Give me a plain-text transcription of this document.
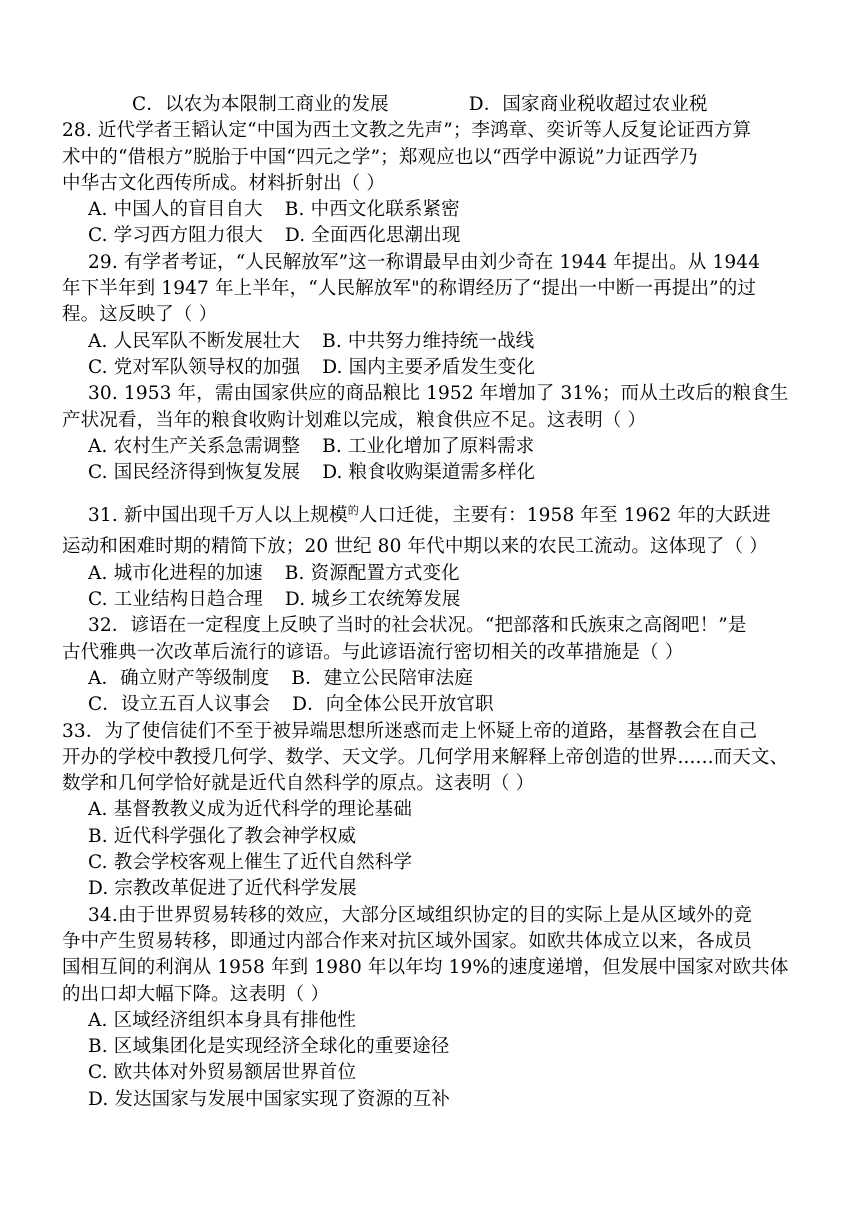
C．以农为本限制工商业的发展	D．国家商业税收超过农业税
28. 近代学者王韬认定“中国为西土文教之先声”；李鸿章、奕䜣等人反复论证西方算
术中的“借根方”脱胎于中国“四元之学”；郑观应也以“西学中源说”力证西学乃
中华古文化西传所成。材料折射出（ ）
A. 中国人的盲目自大 B. 中西文化联系紧密
C. 学习西方阻力很大 D. 全面西化思潮出现
29. 有学者考证，“人民解放军”这一称谓最早由刘少奇在 1944 年提出。从 1944
年下半年到 1947 年上半年，“人民解放军"的称谓经历了“提出一中断一再提出”的过
程。这反映了（ ）
A. 人民军队不断发展壮大 B. 中共努力维持统一战线
C. 党对军队领导权的加强 D. 国内主要矛盾发生变化
30. 1953 年，需由国家供应的商品粮比 1952 年增加了 31%；而从土改后的粮食生
产状况看，当年的粮食收购计划难以完成，粮食供应不足。这表明（ ）
A. 农村生产关系急需调整 B. 工业化增加了原料需求
C. 国民经济得到恢复发展 D. 粮食收购渠道需多样化
31. 新中国出现千万人以上规模$^的$人口迁徙，主要有：1958 年至 1962 年的大跃进
运动和困难时期的精简下放；20 世纪 80 年代中期以来的农民工流动。这体现了（ ）
A. 城市化进程的加速 B. 资源配置方式变化
C. 工业结构日趋合理 D. 城乡工农统筹发展
32．谚语在一定程度上反映了当时的社会状况。“把部落和氏族束之高阁吧！”是
古代雅典一次改革后流行的谚语。与此谚语流行密切相关的改革措施是（ ）
A．确立财产等级制度 B．建立公民陪审法庭
C．设立五百人议事会 D．向全体公民开放官职
33．为了使信徒们不至于被异端思想所迷惑而走上怀疑上帝的道路，基督教会在自己
开办的学校中教授几何学、数学、天文学。几何学用来解释上帝创造的世界......而天文、
数学和几何学恰好就是近代自然科学的原点。这表明（ ）
A. 基督教教义成为近代科学的理论基础
B. 近代科学强化了教会神学权威
C. 教会学校客观上催生了近代自然科学
D. 宗教改革促进了近代科学发展
34.由于世界贸易转移的效应，大部分区域组织协定的目的实际上是从区域外的竞
争中产生贸易转移，即通过内部合作来对抗区域外国家。如欧共体成立以来，各成员
国相互间的利润从 1958 年到 1980 年以年均 19%的速度递增，但发展中国家对欧共体
的出口却大幅下降。这表明（ ）
A. 区域经济组织本身具有排他性
B. 区域集团化是实现经济全球化的重要途径
C. 欧共体对外贸易额居世界首位
D. 发达国家与发展中国家实现了资源的互补
